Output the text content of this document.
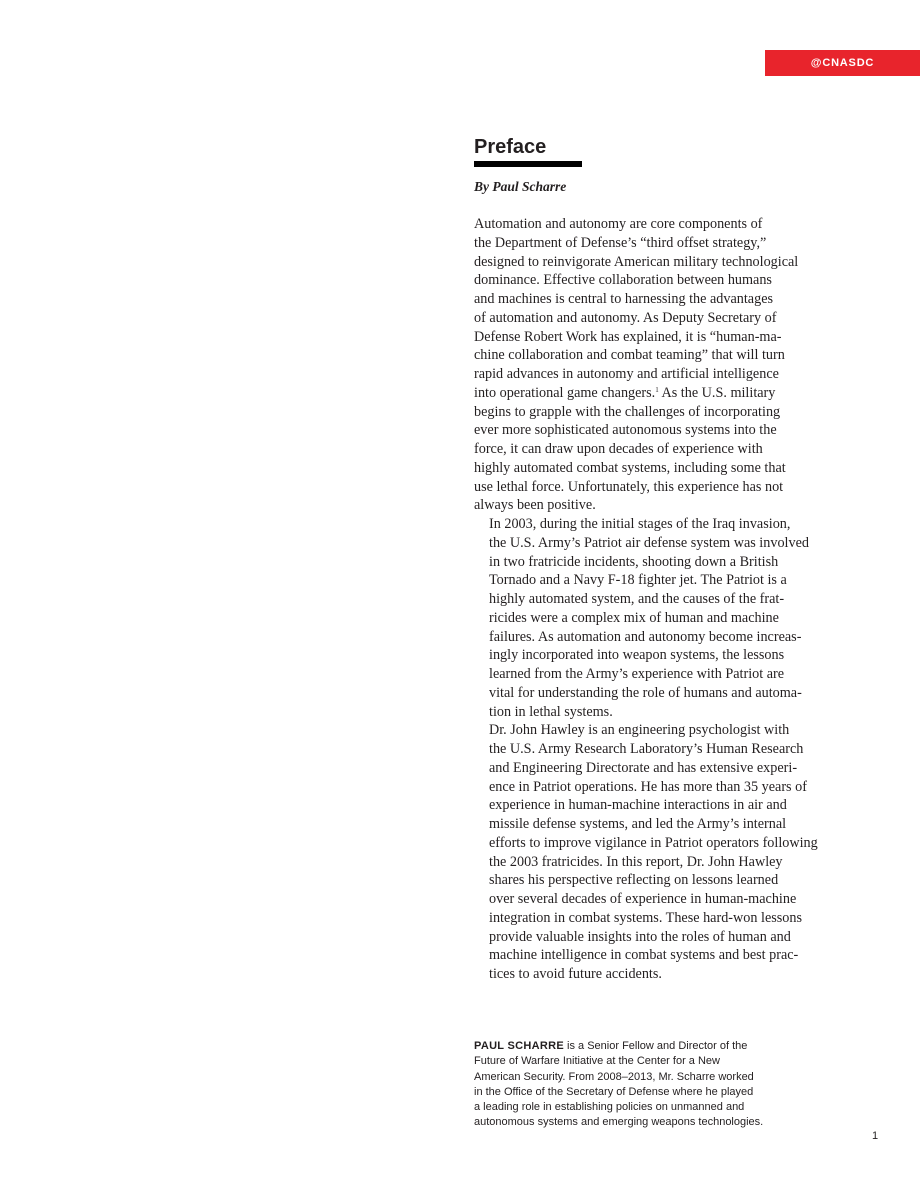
@CNASDC
Preface
By Paul Scharre

Automation and autonomy are core components of
the Department of Defense’s “third offset strategy,”
designed to reinvigorate American military technological
dominance. Effective collaboration between humans
and machines is central to harnessing the advantages
of automation and autonomy. As Deputy Secretary of
Defense Robert Work has explained, it is “human-ma-
chine collaboration and combat teaming” that will turn
rapid advances in autonomy and artificial intelligence
into operational game changers.$^1$ As the U.S. military
begins to grapple with the challenges of incorporating
ever more sophisticated autonomous systems into the
force, it can draw upon decades of experience with
highly automated combat systems, including some that
use lethal force. Unfortunately, this experience has not
always been positive.

In 2003, during the initial stages of the Iraq invasion,
the U.S. Army’s Patriot air defense system was involved
in two fratricide incidents, shooting down a British
Tornado and a Navy F-18 fighter jet. The Patriot is a
highly automated system, and the causes of the frat-
ricides were a complex mix of human and machine
failures. As automation and autonomy become increas-
ingly incorporated into weapon systems, the lessons
learned from the Army’s experience with Patriot are
vital for understanding the role of humans and automa-
tion in lethal systems.

Dr. John Hawley is an engineering psychologist with
the U.S. Army Research Laboratory’s Human Research
and Engineering Directorate and has extensive experi-
ence in Patriot operations. He has more than 35 years of
experience in human-machine interactions in air and
missile defense systems, and led the Army’s internal
efforts to improve vigilance in Patriot operators following
the 2003 fratricides. In this report, Dr. John Hawley
shares his perspective reflecting on lessons learned
over several decades of experience in human-machine
integration in combat systems. These hard-won lessons
provide valuable insights into the roles of human and
machine intelligence in combat systems and best prac-
tices to avoid future accidents.

PAUL SCHARRE is a Senior Fellow and Director of the
Future of Warfare Initiative at the Center for a New
American Security. From 2008–2013, Mr. Scharre worked
in the Office of the Secretary of Defense where he played
a leading role in establishing policies on unmanned and
autonomous systems and emerging weapons technologies.
1
